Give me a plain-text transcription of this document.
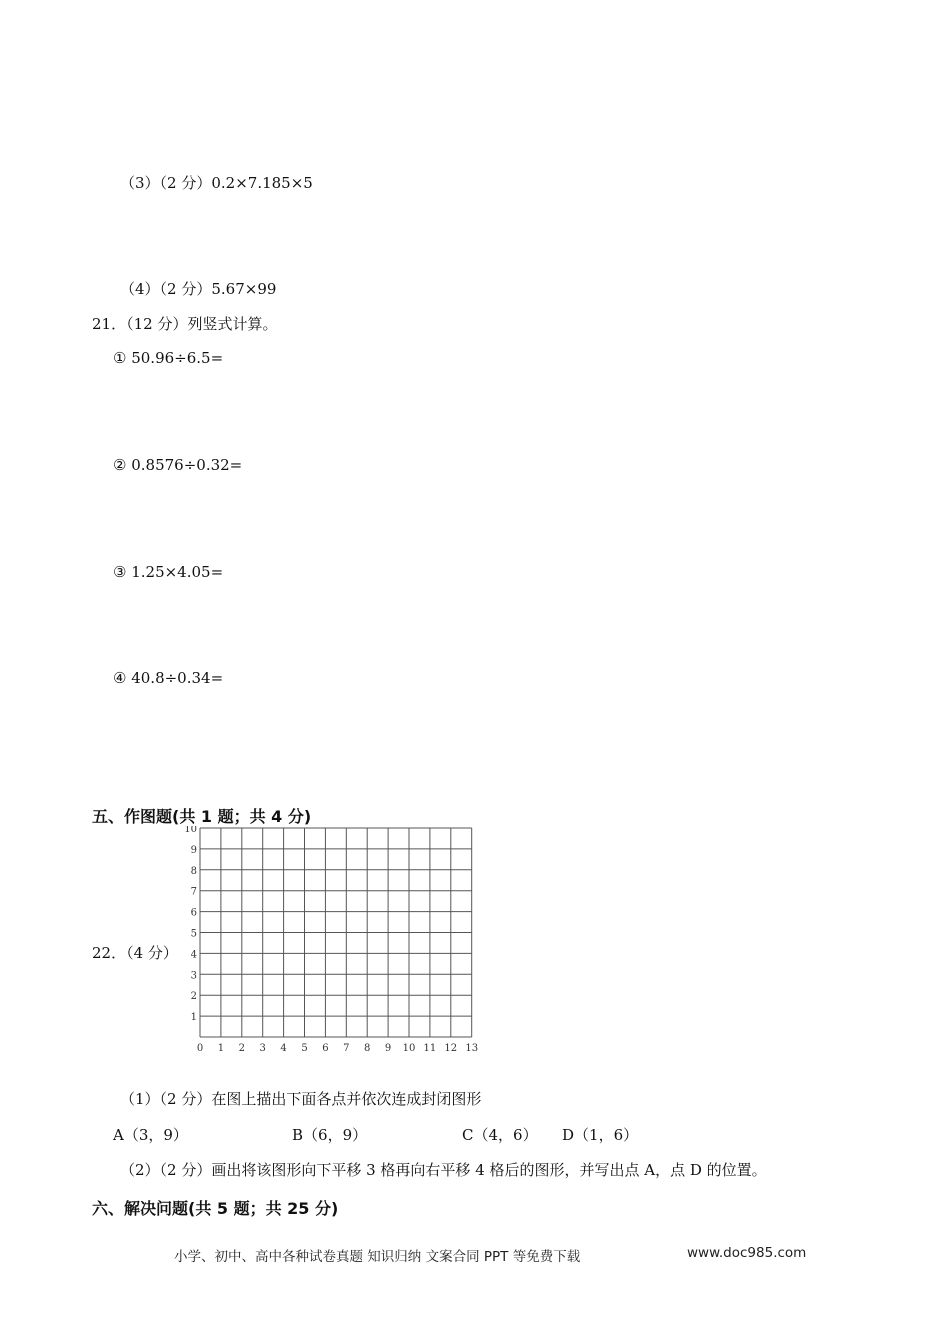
（3）（2 分）0.2×7.185×5
（4）（2 分）5.67×99
21．（12 分）列竖式计算。
① 50.96÷6.5=
② 0.8576÷0.32=
③ 1.25×4.05=
④ 40.8÷0.34=
五、作图题(共 1 题；共 4 分)
22．（4 分）
0 1 2 3 4 5 6 7 8 9 10 11 12 13
1
2
3
4
5
6
7
8
9
10
（1）（2 分）在图上描出下面各点并依次连成封闭图形
A（3，9）	B（6，9）	C（4，6） D（1，6）
（2）（2 分）画出将该图形向下平移 3 格再向右平移 4 格后的图形，并写出点 A，点 D 的位置。
六、解决问题(共 5 题；共 25 分)
小学、初中、高中各种试卷真题 知识归纳 文案合同 PPT 等免费下载	www.doc985.com
